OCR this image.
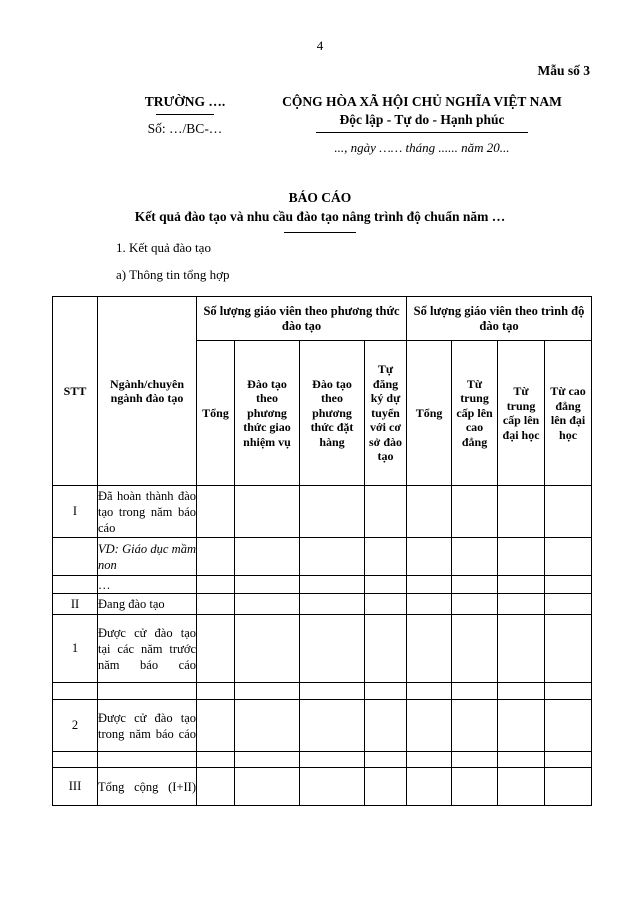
4
Mẫu số 3
TRƯỜNG ….
Số: …/BC-…
CỘNG HÒA XÃ HỘI CHỦ NGHĨA VIỆT NAM
Độc lập - Tự do - Hạnh phúc
..., ngày …… tháng ...... năm 20...
BÁO CÁO
Kết quả đào tạo và nhu cầu đào tạo nâng trình độ chuẩn năm …
1. Kết quả đào tạo
a) Thông tin tổng hợp
STT	Ngành/chuyên ngành đào tạo	Số lượng giáo viên theo phương thức đào tạo				Số lượng giáo viên theo trình độ đào tạo			
		Tổng	Đào tạo theo phương thức giao nhiệm vụ	Đào tạo theo phương thức đặt hàng	Tự đăng ký dự tuyển với cơ sở đào tạo	Tổng	Từ trung cấp lên cao đẳng	Từ trung cấp lên đại học	Từ cao đẳng lên đại học
I	Đã hoàn thành đào tạo trong năm báo cáo								
	VD: Giáo dục mầm non								
	…								
II	Đang đào tạo								
1	Được cử đào tạo tại các năm trước năm báo cáo								

2	Được cử đào tạo trong năm báo cáo								

III	Tổng cộng (I+II)								
